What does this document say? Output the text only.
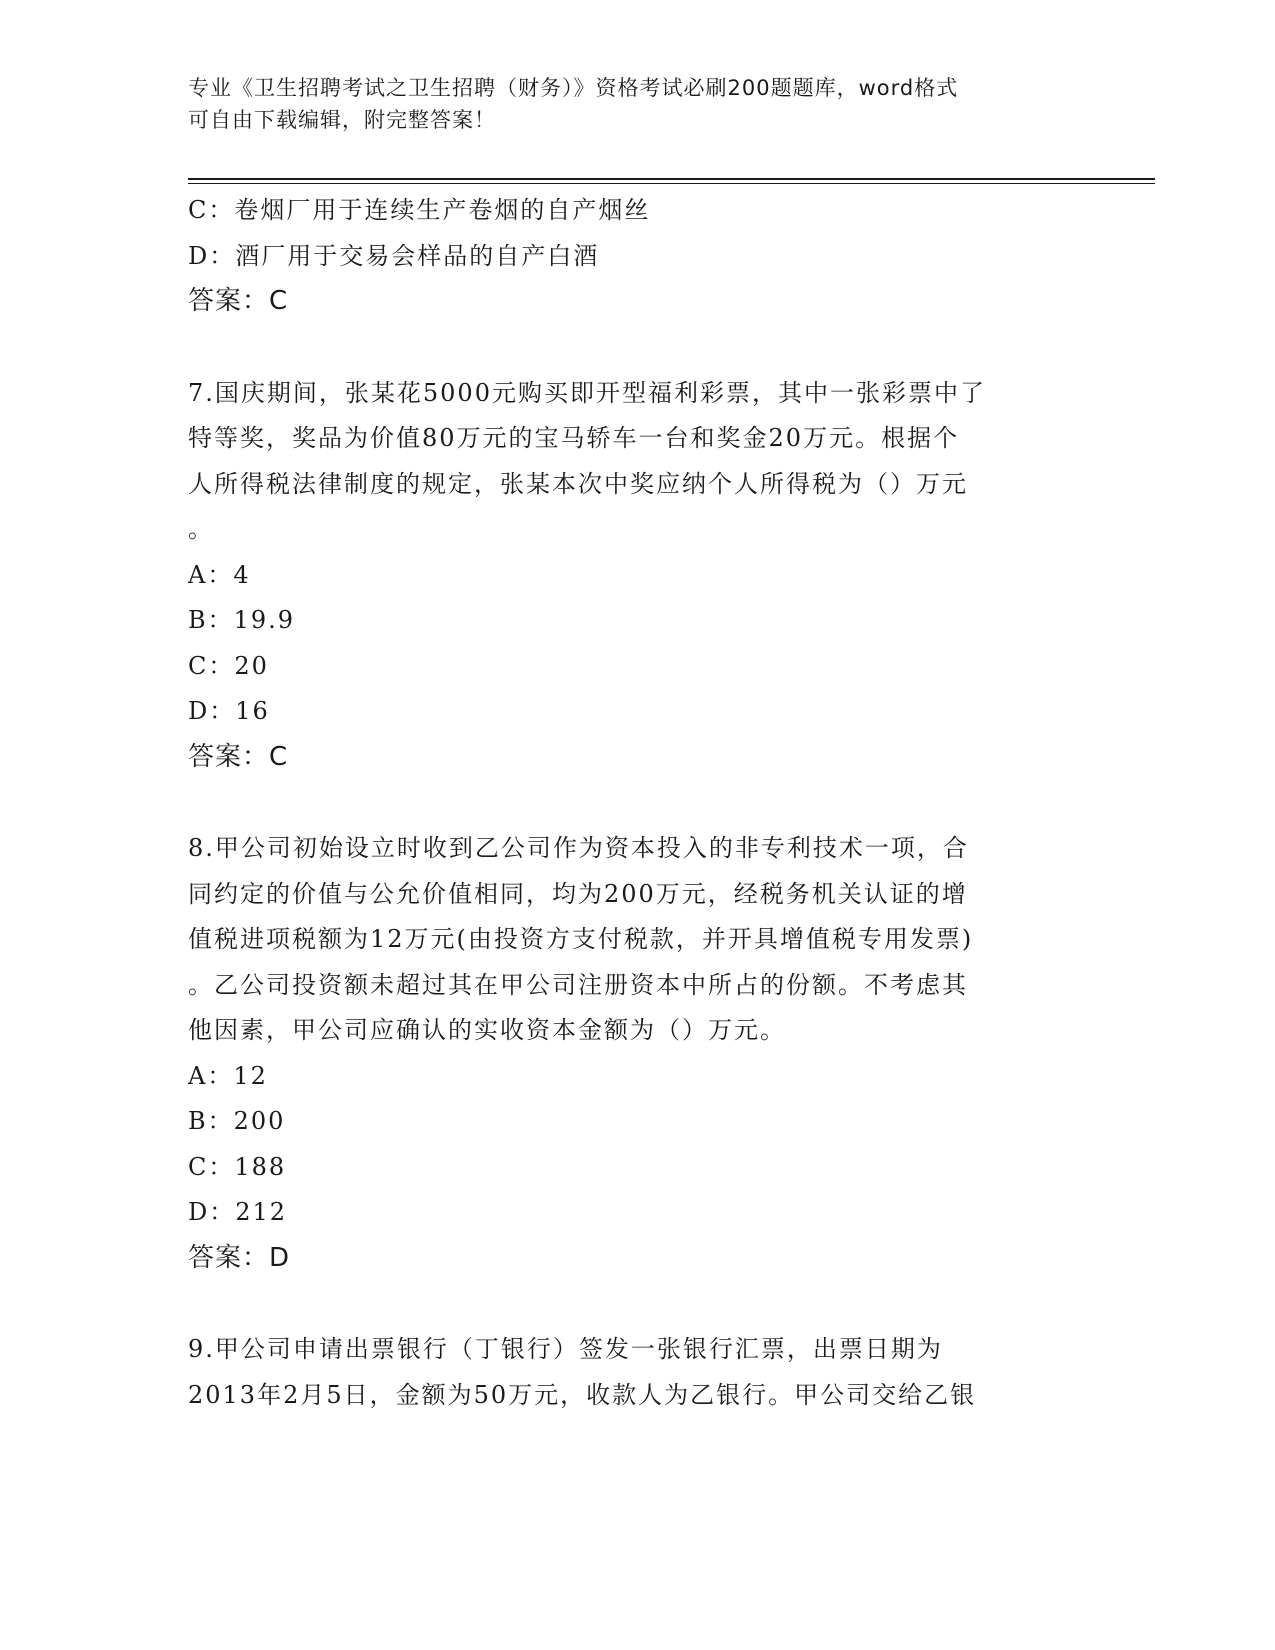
专业《卫生招聘考试之卫生招聘（财务）》资格考试必刷200题题库，word格式
可自由下载编辑，附完整答案！

C：卷烟厂用于连续生产卷烟的自产烟丝

D：酒厂用于交易会样品的自产白酒

答案：C

7.国庆期间，张某花5000元购买即开型福利彩票，其中一张彩票中了

特等奖，奖品为价值80万元的宝马轿车一台和奖金20万元。根据个

人所得税法律制度的规定，张某本次中奖应纳个人所得税为（）万元

。

A：4

B：19.9

C：20

D：16

答案：C

8.甲公司初始设立时收到乙公司作为资本投入的非专利技术一项，合

同约定的价值与公允价值相同，均为200万元，经税务机关认证的增

值税进项税额为12万元(由投资方支付税款，并开具增值税专用发票)

。乙公司投资额未超过其在甲公司注册资本中所占的份额。不考虑其

他因素，甲公司应确认的实收资本金额为（）万元。

A：12

B：200

C：188

D：212

答案：D

9.甲公司申请出票银行（丁银行）签发一张银行汇票，出票日期为

2013年2月5日，金额为50万元，收款人为乙银行。甲公司交给乙银
